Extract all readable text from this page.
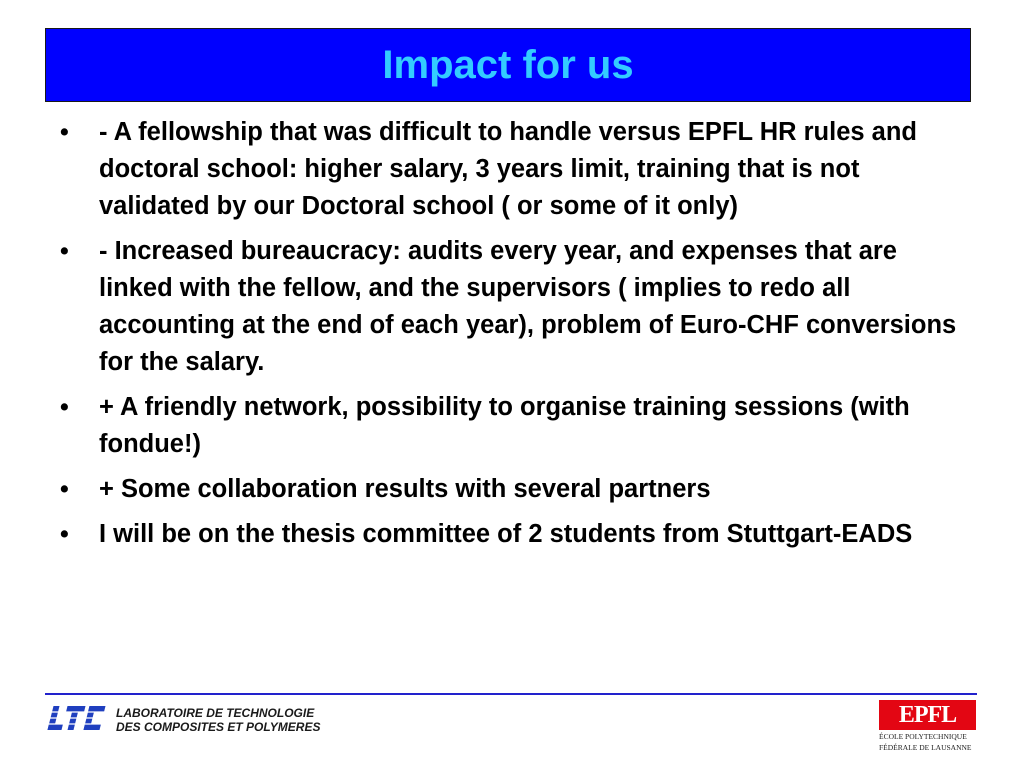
Impact for us
•	- A fellowship that was difficult to handle versus EPFL HR rules and doctoral school: higher salary, 3 years limit, training that is not validated by our Doctoral school ( or some of it only)
•	- Increased bureaucracy: audits every year, and expenses that are linked with the fellow, and the supervisors ( implies to redo all accounting at the end of each year), problem of Euro-CHF conversions for the salary.
•	+ A friendly network, possibility to organise training sessions (with fondue!)
•	+ Some collaboration results with several partners
•	I will be on the thesis committee of 2 students from Stuttgart-EADS
LABORATOIRE DE TECHNOLOGIE
DES COMPOSITES ET POLYMERES	EPFL
ÉCOLE POLYTECHNIQUE
FÉDÉRALE DE LAUSANNE
